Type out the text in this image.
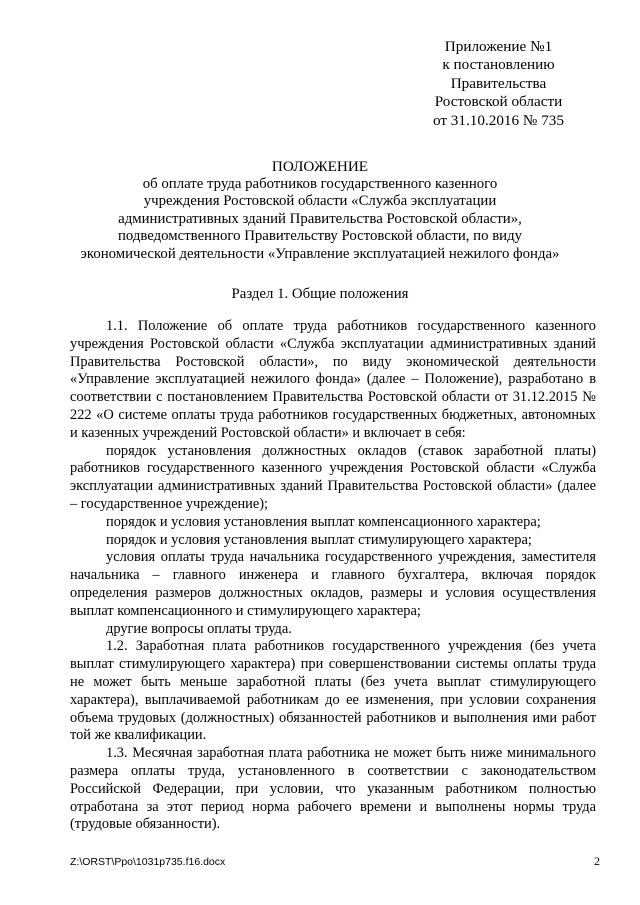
Приложение №1
к постановлению
Правительства
Ростовской области
от 31.10.2016 № 735
ПОЛОЖЕНИЕ
об оплате труда работников государственного казенного
учреждения Ростовской области «Служба эксплуатации
административных зданий Правительства Ростовской области»,
подведомственного Правительству Ростовской области, по виду
экономической деятельности «Управление эксплуатацией нежилого фонда»
Раздел 1. Общие положения

1.1. Положение об оплате труда работников государственного казенного учреждения Ростовской области «Служба эксплуатации административных зданий Правительства Ростовской области», по виду экономической деятельности «Управление эксплуатацией нежилого фонда» (далее – Положение), разработано в соответствии с постановлением Правительства Ростовской области от 31.12.2015 № 222 «О системе оплаты труда работников государственных бюджетных, автономных и казенных учреждений Ростовской области» и включает в себя:

порядок установления должностных окладов (ставок заработной платы) работников государственного казенного учреждения Ростовской области «Служба эксплуатации административных зданий Правительства Ростовской области» (далее – государственное учреждение);

порядок и условия установления выплат компенсационного характера;

порядок и условия установления выплат стимулирующего характера;

условия оплаты труда начальника государственного учреждения, заместителя начальника – главного инженера и главного бухгалтера, включая порядок определения размеров должностных окладов, размеры и условия осуществления выплат компенсационного и стимулирующего характера;

другие вопросы оплаты труда.

1.2. Заработная плата работников государственного учреждения (без учета выплат стимулирующего характера) при совершенствовании системы оплаты труда не может быть меньше заработной платы (без учета выплат стимулирующего характера), выплачиваемой работникам до ее изменения, при условии сохранения объема трудовых (должностных) обязанностей работников и выполнения ими работ той же квалификации.

1.3. Месячная заработная плата работника не может быть ниже минимального размера оплаты труда, установленного в соответствии с законодательством Российской Федерации, при условии, что указанным работником полностью отработана за этот период норма рабочего времени и выполнены нормы труда (трудовые обязанности).

Z:\ORST\Ppo\1031p735.f16.docx	2
